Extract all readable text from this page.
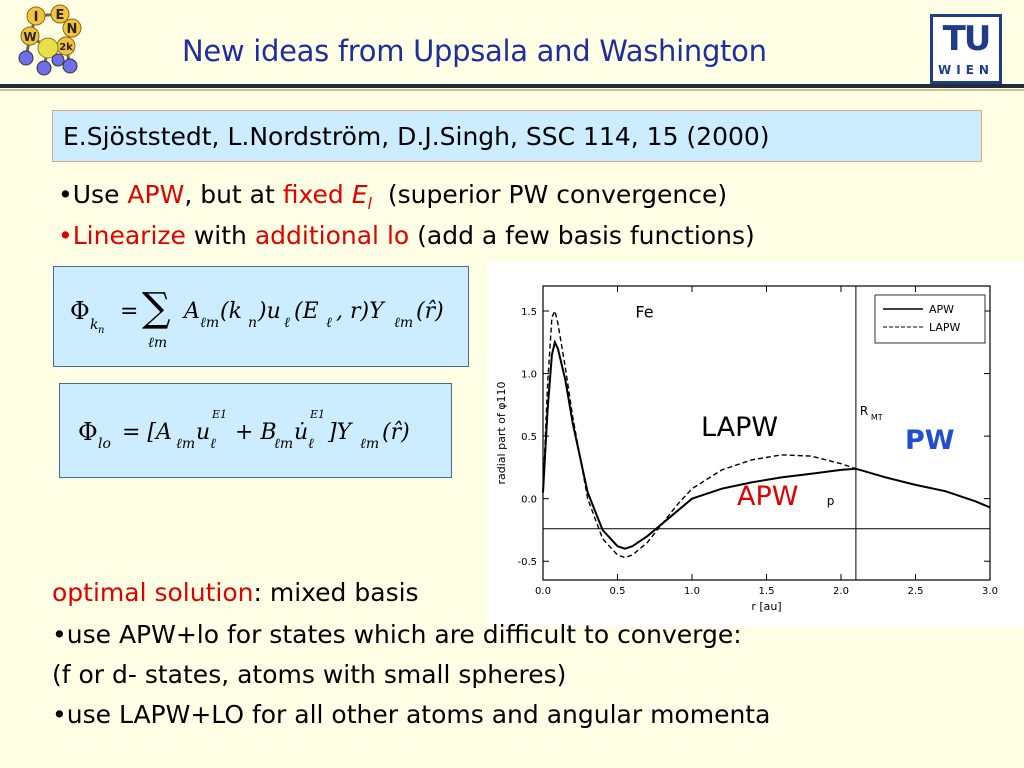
I E
N
W
2k	New ideas from Uppsala and Washington	TU
WIEN
E.Sjöststedt, L.Nordström, D.J.Singh, SSC 114, 15 (2000)
•Use APW, but at fixed $E_l$  (superior PW convergence)
•Linearize with additional lo (add a few basis functions)
Φ k n
= ∑
ℓm
A ℓm (k n )u ℓ (E ℓ , r)Y ℓm (r̂)
Φ lo = [A ℓm u ℓ
E1
+ B
ℓm u̇ ℓ
E1
]Y ℓm (r̂)
0.0	0.5	1.0	1.5	2.0	2.5	3.0
-0.5
0.0
0.5
1.0
1.5
r [au]
radial part of φ110
Fe
R MT
p
APW
LAPW
LAPW
APW
PW
optimal solution: mixed basis
•use APW+lo for states which are difficult to converge:
(f or d- states, atoms with small spheres)
•use LAPW+LO for all other atoms and angular momenta
